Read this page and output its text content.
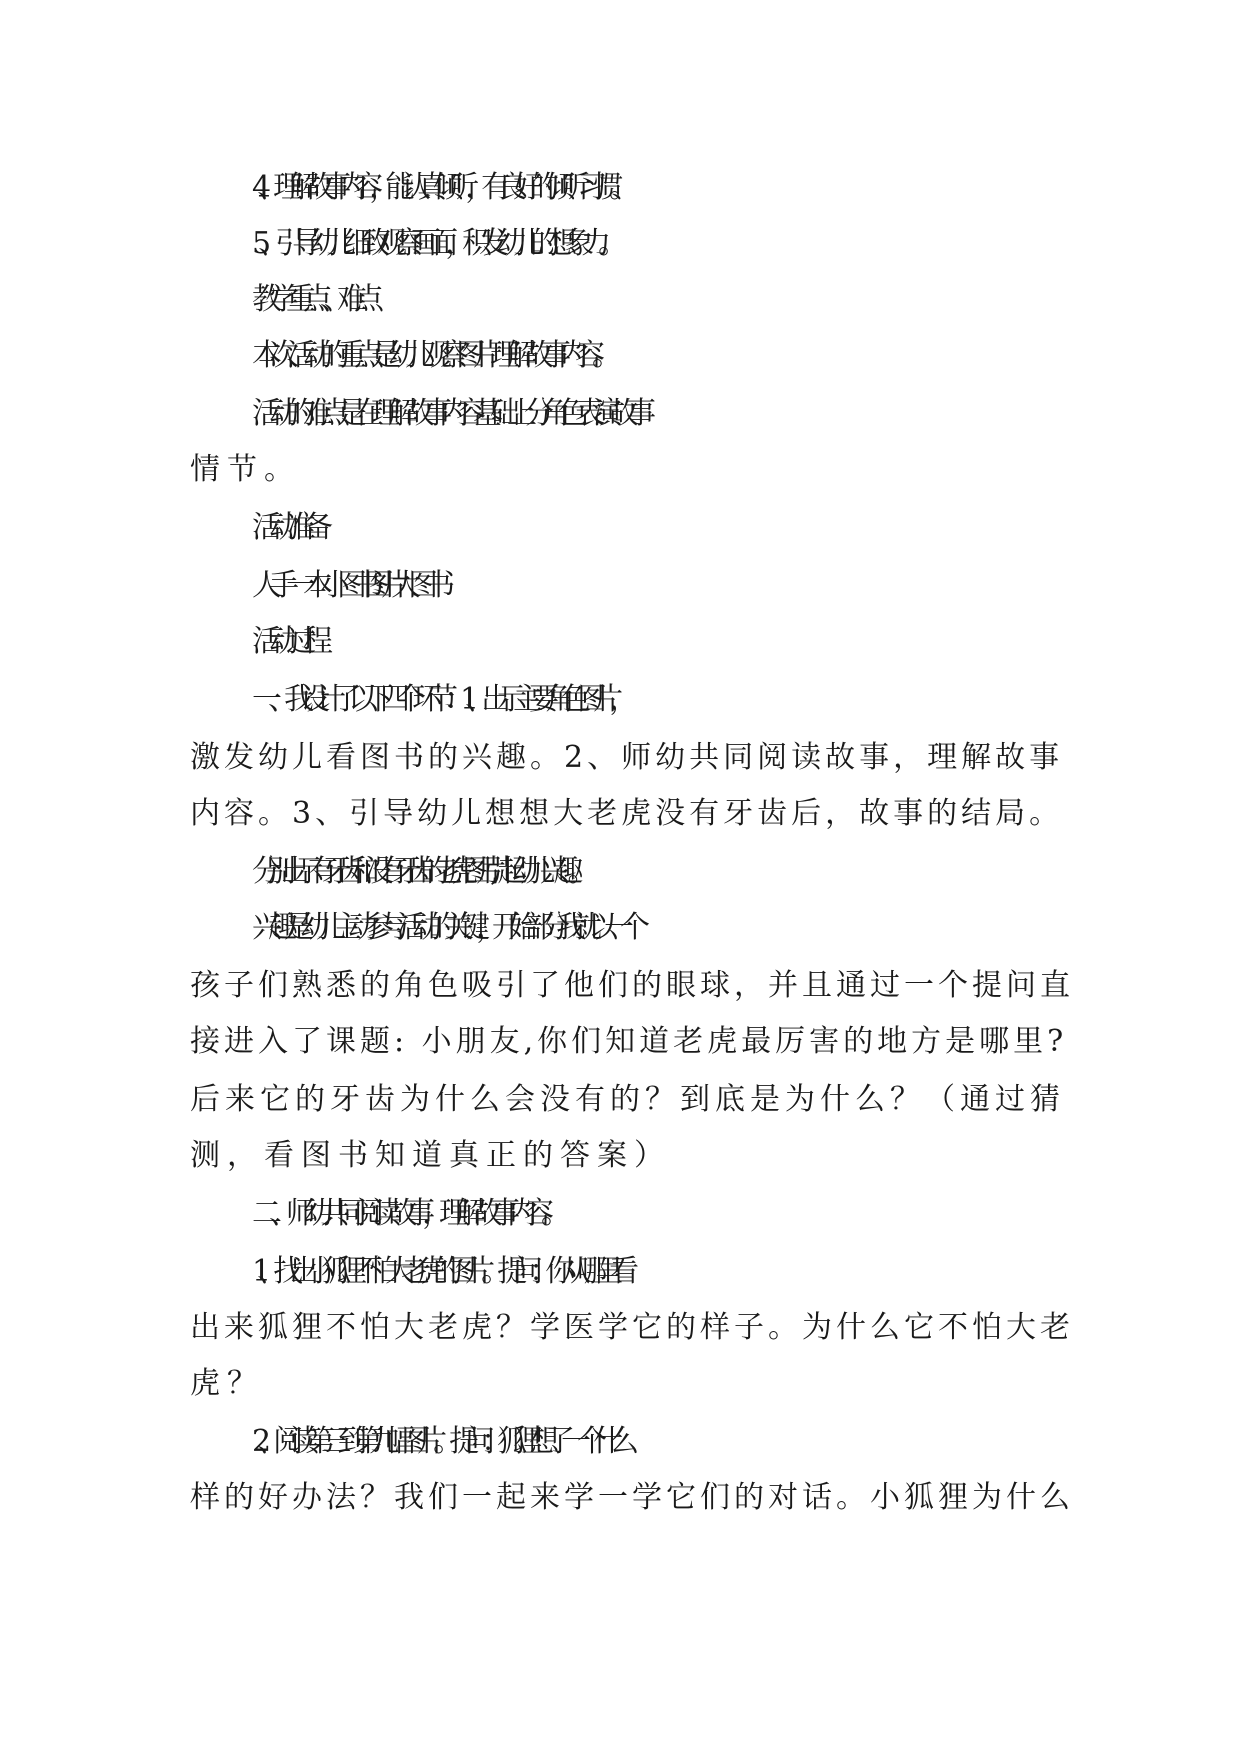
4、理解故事内容，能认真倾听，有良好的倾听习惯。
5、引导幼儿细致观察画面，积发幼儿的想象力。
教学重点、难点
本次活动的重点是幼儿观察图片理解故事内容。
活动的难点是在理解故事内容基础上分角色表演故事
情节。
活动准备
人手一本小图书  图片  大图书
活动过程
一、我设计了以下四个环节：1、出示主要角色图片，
激发幼儿看图书的兴趣。2、师幼共同阅读故事，理解故事
内容。3、引导幼儿想想大老虎没有牙齿后，故事的结局。
分别出示有牙齿和没有牙齿的老虎图片,引起幼儿兴趣。
兴趣是幼儿主动参与活动的关键，开始部分我就以一个
孩子们熟悉的角色吸引了他们的眼球，并且通过一个提问直
接进入了课题: 小朋友,你们知道老虎最厉害的地方是哪里?
后来它的牙齿为什么会没有的？到底是为什么？（通过猜
测，看图书知道真正的答案）
二、师幼共同阅读故事，理解故事内容。
1、找出小狐狸不怕大老虎的图片。提问：你从哪里看
出来狐狸不怕大老虎？学医学它的样子。为什么它不怕大老
虎？
2、阅读第三到第九幅图片。提问：狐狸想了一个什么
样的好办法？我们一起来学一学它们的对话。小狐狸为什么
